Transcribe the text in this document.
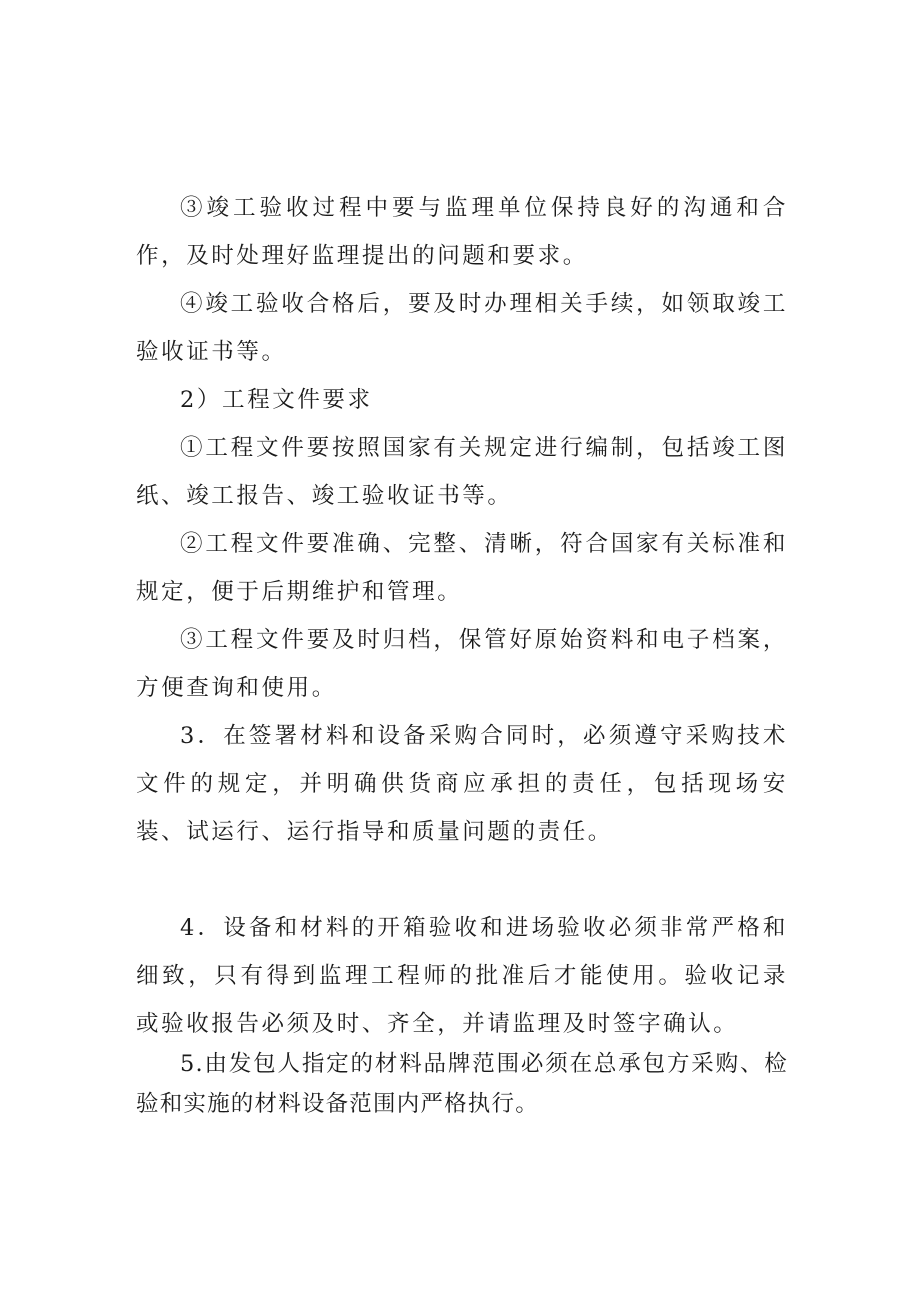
③竣工验收过程中要与监理单位保持良好的沟通和合作，及时处理好监理提出的问题和要求。

④竣工验收合格后，要及时办理相关手续，如领取竣工验收证书等。

2）工程文件要求

①工程文件要按照国家有关规定进行编制，包括竣工图纸、竣工报告、竣工验收证书等。

②工程文件要准确、完整、清晰，符合国家有关标准和规定，便于后期维护和管理。

③工程文件要及时归档，保管好原始资料和电子档案，方便查询和使用。

3．在签署材料和设备采购合同时，必须遵守采购技术文件的规定，并明确供货商应承担的责任，包括现场安装、试运行、运行指导和质量问题的责任。

4．设备和材料的开箱验收和进场验收必须非常严格和细致，只有得到监理工程师的批准后才能使用。验收记录或验收报告必须及时、齐全，并请监理及时签字确认。

5.由发包人指定的材料品牌范围必须在总承包方采购、检验和实施的材料设备范围内严格执行。
